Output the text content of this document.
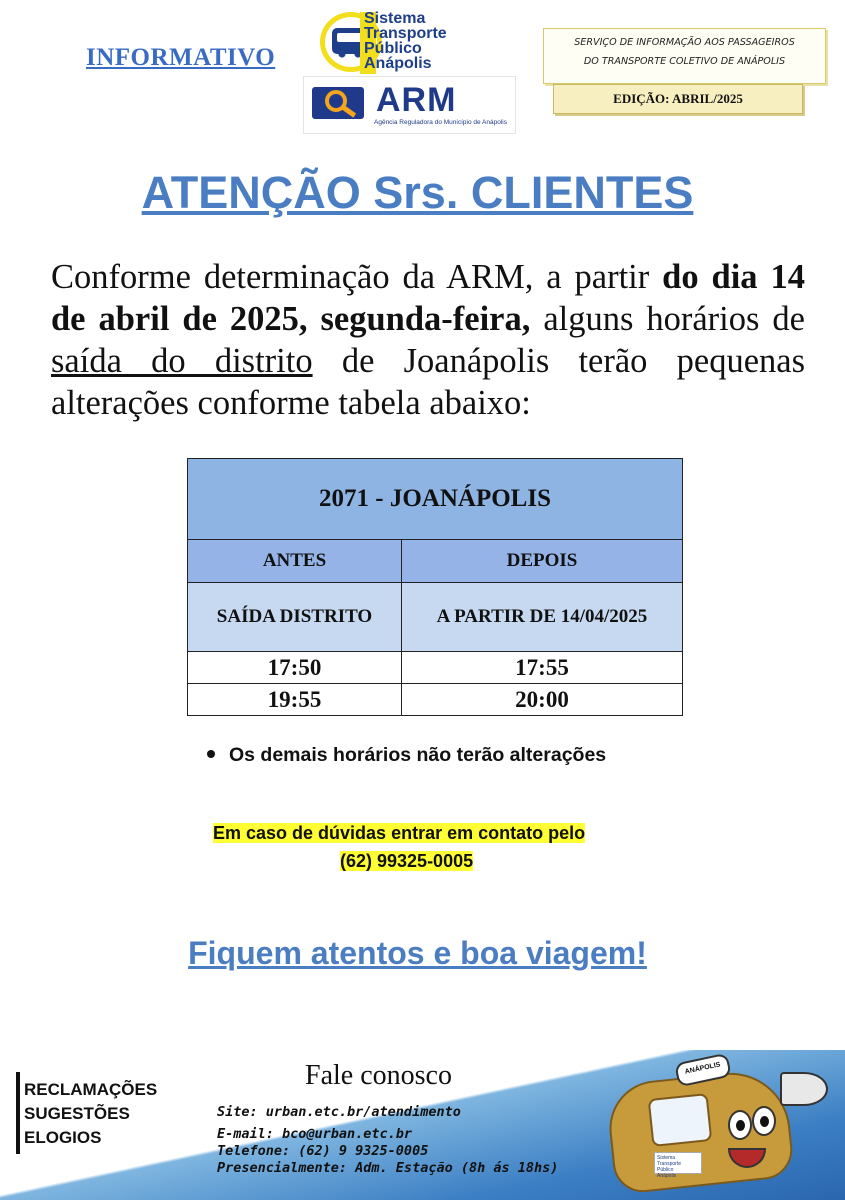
INFORMATIVO
Sistema
Transporte
Público
Anápolis
ARM
Agência Reguladora do Município de Anápolis
SERVIÇO DE INFORMAÇÃO AOS PASSAGEIROS
DO TRANSPORTE COLETIVO DE ANÁPOLIS
EDIÇÃO: ABRIL/2025
ATENÇÃO Srs. CLIENTES
Conforme determinação da ARM, a partir do dia 14 de abril de 2025, segunda-feira, alguns horários de saída do distrito de Joanápolis terão pequenas alterações conforme tabela abaixo:
2071 - JOANÁPOLIS	
ANTES	DEPOIS
SAÍDA DISTRITO	A PARTIR DE 14/04/2025
17:50	17:55
19:55	20:00
Os demais horários não terão alterações
Em caso de dúvidas entrar em contato pelo
(62) 99325-0005
Fiquem atentos e boa viagem!
RECLAMAÇÕES
SUGESTÕES
ELOGIOS
Fale conosco
Site: urban.etc.br/atendimento
E-mail: bco@urban.etc.br
Telefone: (62) 9 9325-0005
Presencialmente: Adm. Estação (8h ás 18hs)
ANÁPOLIS
Sistema
Transporte
Público
Anápolis
